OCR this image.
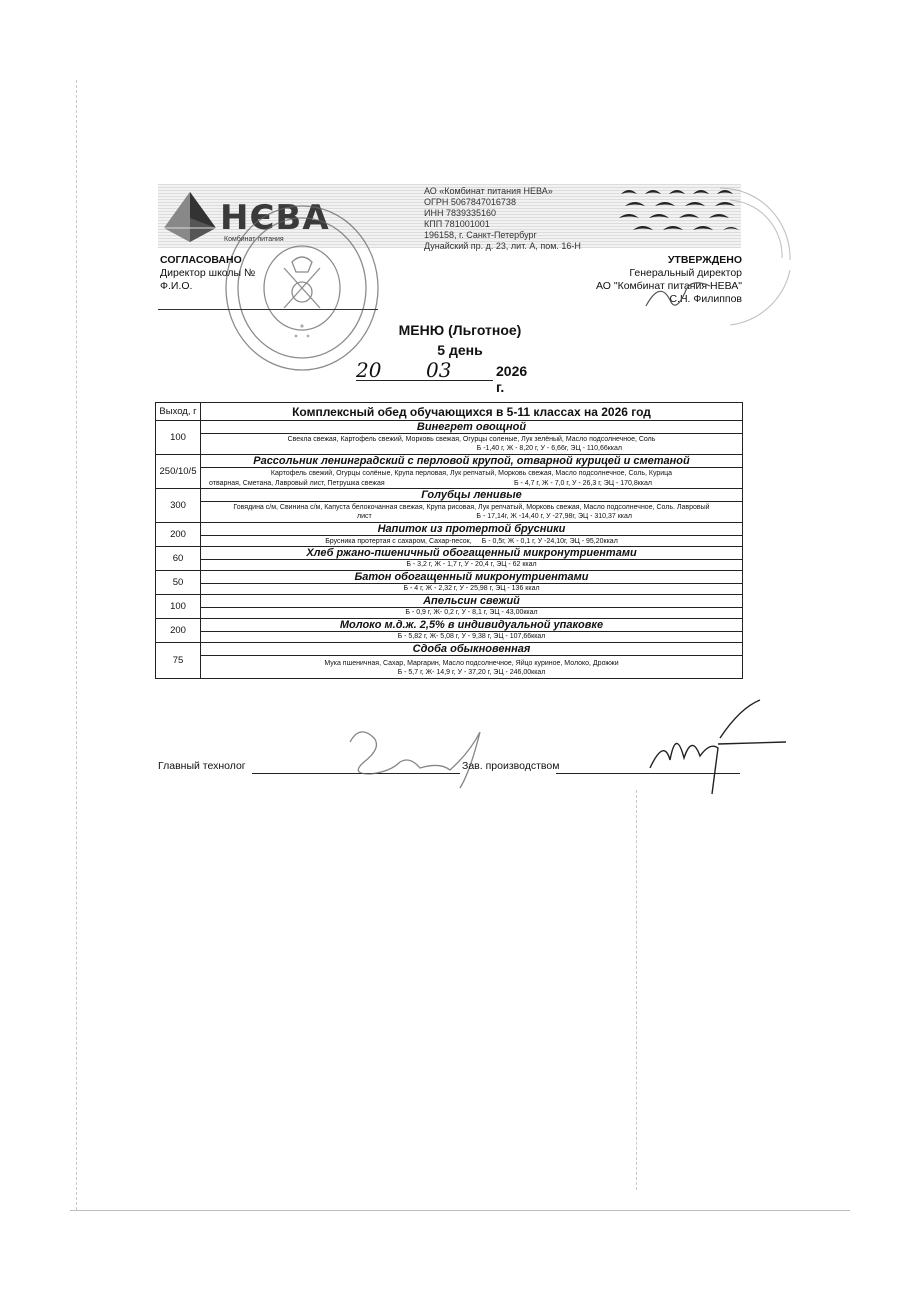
НЄВА
Комбинат питания
АО «Комбинат питания НЕВА»
ОГРН 5067847016738
ИНН 7839335160
КПП 781001001
196158, г. Санкт-Петербург
Дунайский пр. д. 23, лит. А, пом. 16-Н
СОГЛАСОВАНО
Директор школы №
Ф.И.О.
УТВЕРЖДЕНО
Генеральный директор
АО "Комбинат питания НЕВА"
С.Н. Филиппов
МЕНЮ (Льготное)
5 день
20 03	2026 г.
Выход, г	Комплексный обед обучающихся в 5-11 классах на 2026 год
100	Винегрет овощной
Свекла свежая, Картофель свежий, Морковь свежая, Огурцы соленые, Лук зелёный, Масло подсолнечное, Соль
Б -1,40 г, Ж - 8,20 г, У - 6,66г, ЭЦ - 110,66ккал

250/10/5	Рассольник ленинградский с перловой крупой, отварной курицей и сметаной
Картофель свежий, Огурцы солёные, Крупа перловая, Лук репчатый, Морковь свежая, Масло подсолнечное, Соль, Курица
отварная, Сметана, Лавровый лист, Петрушка свежая Б - 4,7 г, Ж - 7,0 г, У - 26,3 г, ЭЦ - 170,8ккал

300	Голубцы ленивые
Говядина с/м, Свинина с/м, Капуста белокочанная свежая, Крупа рисовая, Лук репчатый, Морковь свежая, Масло подсолнечное, Соль. Лавровый
лист Б - 17,14г, Ж -14,40 г, У -27,98г, ЭЦ - 310,37 ккал

200	Напиток из протертой брусники
Брусника протертая с сахаром, Сахар-песок, Б - 0,5г, Ж - 0,1 г, У -24,10г, ЭЦ - 95,20ккал

60	Хлеб ржано-пшеничный обогащенный микронутриентами
Б - 3,2 г, Ж - 1,7 г, У - 20,4 г, ЭЦ - 62 ккал

50	Батон обогащенный микронутриентами
Б - 4 г, Ж - 2,32 г, У - 25,98 г, ЭЦ - 136 ккал

100	Апельсин свежий
Б - 0,9 г, Ж- 0,2 г, У - 8,1 г, ЭЦ - 43,00ккал

200	Молоко м.д.ж. 2,5% в индивидуальной упаковке
Б - 5,82 г, Ж- 5,08 г, У - 9,38 г, ЭЦ - 107,66ккал

75	Сдоба обыкновенная
Мука пшеничная, Сахар, Маргарин, Масло подсолнечное, Яйцо куриное, Молоко, Дрожжи
Б - 5,7 г, Ж- 14,9 г, У - 37,20 г, ЭЦ - 246,00ккал
Главный технолог	Зав. производством
